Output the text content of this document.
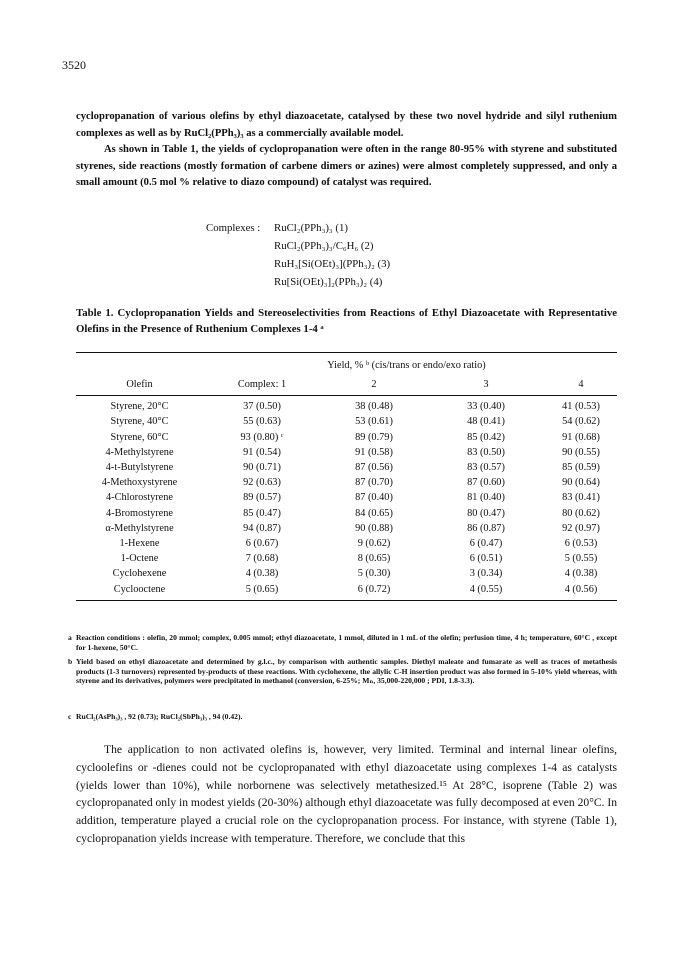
3520
cyclopropanation of various olefins by ethyl diazoacetate, catalysed by these two novel hydride and silyl ruthenium complexes as well as by RuCl₂(PPh₃)₃ as a commercially available model.
As shown in Table 1, the yields of cyclopropanation were often in the range 80-95% with styrene and substituted styrenes, side reactions (mostly formation of carbene dimers or azines) were almost completely suppressed, and only a small amount (0.5 mol % relative to diazo compound) of catalyst was required.
Complexes : RuCl₂(PPh₃)₃ (1)
RuCl₂(PPh₃)₃/C₆H₆ (2)
RuH₃[Si(OEt)₃](PPh₃)₂ (3)
Ru[Si(OEt)₃]₂(PPh₃)₂ (4)
Table 1. Cyclopropanation Yields and Stereoselectivities from Reactions of Ethyl Diazoacetate with Representative Olefins in the Presence of Ruthenium Complexes 1-4 ᵃ
Yield, % ᵇ (cis/trans or endo/exo ratio)
Olefin	Complex: 1	2	3	4
Styrene, 20°C	37 (0.50)	38 (0.48)	33 (0.40)	41 (0.53)
Styrene, 40°C	55 (0.63)	53 (0.61)	48 (0.41)	54 (0.62)
Styrene, 60°C	93 (0.80) ᶜ	89 (0.79)	85 (0.42)	91 (0.68)
4-Methylstyrene	91 (0.54)	91 (0.58)	83 (0.50)	90 (0.55)
4-t-Butylstyrene	90 (0.71)	87 (0.56)	83 (0.57)	85 (0.59)
4-Methoxystyrene	92 (0.63)	87 (0.70)	87 (0.60)	90 (0.64)
4-Chlorostyrene	89 (0.57)	87 (0.40)	81 (0.40)	83 (0.41)
4-Bromostyrene	85 (0.47)	84 (0.65)	80 (0.47)	80 (0.62)
α-Methylstyrene	94 (0.87)	90 (0.88)	86 (0.87)	92 (0.97)
1-Hexene	6 (0.67)	9 (0.62)	6 (0.47)	6 (0.53)
1-Octene	7 (0.68)	8 (0.65)	6 (0.51)	5 (0.55)
Cyclohexene	4 (0.38)	5 (0.30)	3 (0.34)	4 (0.38)
Cyclooctene	5 (0.65)	6 (0.72)	4 (0.55)	4 (0.56)
a Reaction conditions : olefin, 20 mmol; complex, 0.005 mmol; ethyl diazoacetate, 1 mmol, diluted in 1 mL of the olefin; perfusion time, 4 h; temperature, 60°C , except for 1-hexene, 50°C.
b Yield based on ethyl diazoacetate and determined by g.l.c., by comparison with authentic samples. Diethyl maleate and fumarate as well as traces of metathesis products (1-3 turnovers) represented by-products of these reactions. With cyclohexene, the allylic C-H insertion product was also formed in 5-10% yield whereas, with styrene and its derivatives, polymers were precipitated in methanol (conversion, 6-25%; Mₙ, 35,000-220,000 ; PDI, 1.8-3.3).
c RuCl₂(AsPh₃)₃ , 92 (0.73); RuCl₂(SbPh₃)₃ , 94 (0.42).
The application to non activated olefins is, however, very limited. Terminal and internal linear olefins, cycloolefins or -dienes could not be cyclopropanated with ethyl diazoacetate using complexes 1-4 as catalysts (yields lower than 10%), while norbornene was selectively metathesized.¹⁵ At 28°C, isoprene (Table 2) was cyclopropanated only in modest yields (20-30%) although ethyl diazoacetate was fully decomposed at even 20°C. In addition, temperature played a crucial role on the cyclopropanation process. For instance, with styrene (Table 1), cyclopropanation yields increase with temperature. Therefore, we conclude that this
